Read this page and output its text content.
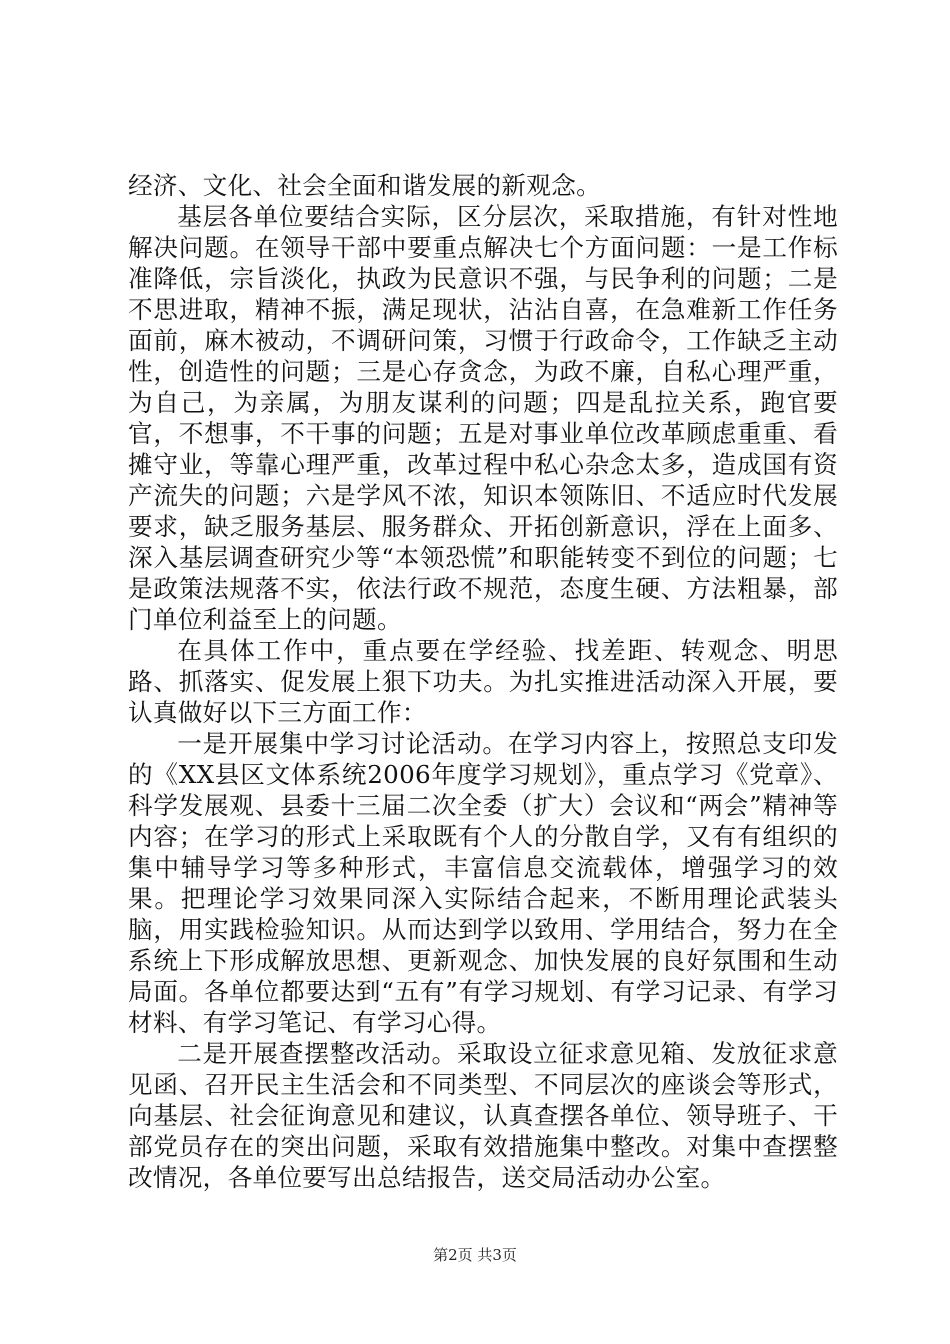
经济、文化、社会全面和谐发展的新观念。

基层各单位要结合实际，区分层次，采取措施，有针对性地解决问题。在领导干部中要重点解决七个方面问题：一是工作标准降低，宗旨淡化，执政为民意识不强，与民争利的问题；二是不思进取，精神不振，满足现状，沾沾自喜，在急难新工作任务面前，麻木被动，不调研问策，习惯于行政命令，工作缺乏主动性，创造性的问题；三是心存贪念，为政不廉，自私心理严重，为自己，为亲属，为朋友谋利的问题；四是乱拉关系，跑官要官，不想事，不干事的问题；五是对事业单位改革顾虑重重、看摊守业，等靠心理严重，改革过程中私心杂念太多，造成国有资产流失的问题；六是学风不浓，知识本领陈旧、不适应时代发展要求，缺乏服务基层、服务群众、开拓创新意识，浮在上面多、深入基层调查研究少等“本领恐慌”和职能转变不到位的问题；七是政策法规落不实，依法行政不规范，态度生硬、方法粗暴，部门单位利益至上的问题。

在具体工作中，重点要在学经验、找差距、转观念、明思路、抓落实、促发展上狠下功夫。为扎实推进活动深入开展，要认真做好以下三方面工作：

一是开展集中学习讨论活动。在学习内容上，按照总支印发的《XX县区文体系统2006年度学习规划》，重点学习《党章》、科学发展观、县委十三届二次全委（扩大）会议和“两会”精神等内容；在学习的形式上采取既有个人的分散自学，又有有组织的集中辅导学习等多种形式，丰富信息交流载体，增强学习的效果。把理论学习效果同深入实际结合起来，不断用理论武装头脑，用实践检验知识。从而达到学以致用、学用结合，努力在全系统上下形成解放思想、更新观念、加快发展的良好氛围和生动局面。各单位都要达到“五有”有学习规划、有学习记录、有学习材料、有学习笔记、有学习心得。

二是开展查摆整改活动。采取设立征求意见箱、发放征求意见函、召开民主生活会和不同类型、不同层次的座谈会等形式，向基层、社会征询意见和建议，认真查摆各单位、领导班子、干部党员存在的突出问题，采取有效措施集中整改。对集中查摆整改情况，各单位要写出总结报告，送交局活动办公室。

第2页 共3页
